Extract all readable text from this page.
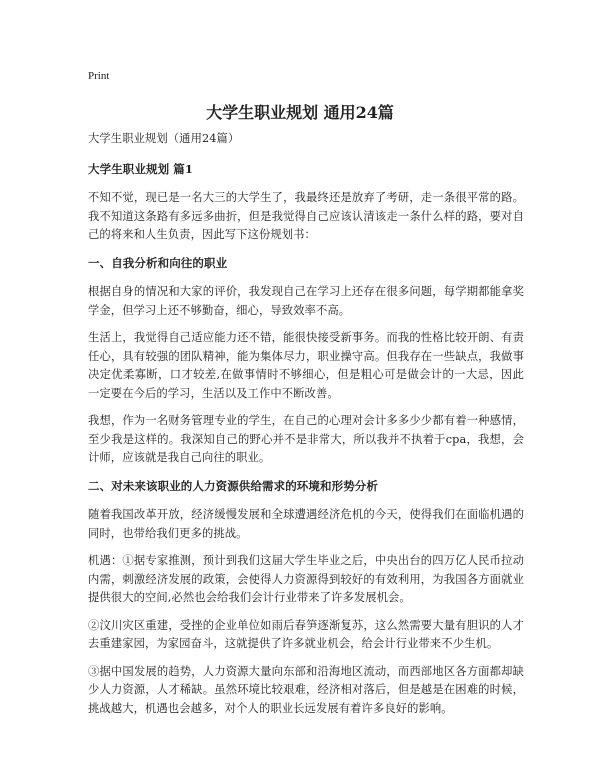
Print
大学生职业规划 通用24篇

大学生职业规划（通用24篇）

大学生职业规划 篇1

不知不觉，现已是一名大三的大学生了，我最终还是放弃了考研，走一条很平常的路。我不知道这条路有多远多曲折，但是我觉得自己应该认清该走一条什么样的路，要对自己的将来和人生负责，因此写下这份规划书：

一、自我分析和向往的职业

根据自身的情况和大家的评价，我发现自己在学习上还存在很多问题，每学期都能拿奖学金，但学习上还不够勤奋，细心，导致效率不高。

生活上，我觉得自己适应能力还不错，能很快接受新事务。而我的性格比较开朗、有责任心，具有较强的团队精神，能为集体尽力，职业操守高。但我存在一些缺点，我做事决定优柔寡断，口才较差,在做事情时不够细心，但是粗心可是做会计的一大忌，因此一定要在今后的学习，生活以及工作中不断改善。

我想，作为一名财务管理专业的学生，在自己的心理对会计多多少少都有着一种感情，至少我是这样的。我深知自己的野心并不是非常大，所以我并不执着于cpa，我想，会计师，应该就是我自己向往的职业。

二、对未来该职业的人力资源供给需求的环境和形势分析

随着我国改革开放，经济缓慢发展和全球遭遇经济危机的今天，使得我们在面临机遇的同时，也带给我们更多的挑战。

机遇：①据专家推测，预计到我们这届大学生毕业之后，中央出台的四万亿人民币拉动内需，刺激经济发展的政策，会使得人力资源得到较好的有效利用，为我国各方面就业提供很大的空间,必然也会给我们会计行业带来了许多发展机会。

②汶川灾区重建，受挫的企业单位如雨后春笋逐渐复苏，这么然需要大量有胆识的人才去重建家园，为家园奋斗，这就提供了许多就业机会，给会计行业带来不少生机。

③据中国发展的趋势，人力资源大量向东部和沿海地区流动，而西部地区各方面都却缺少人力资源，人才稀缺。虽然环境比较艰难，经济相对落后，但是越是在困难的时候，挑战越大，机遇也会越多，对个人的职业长远发展有着许多良好的影响。
